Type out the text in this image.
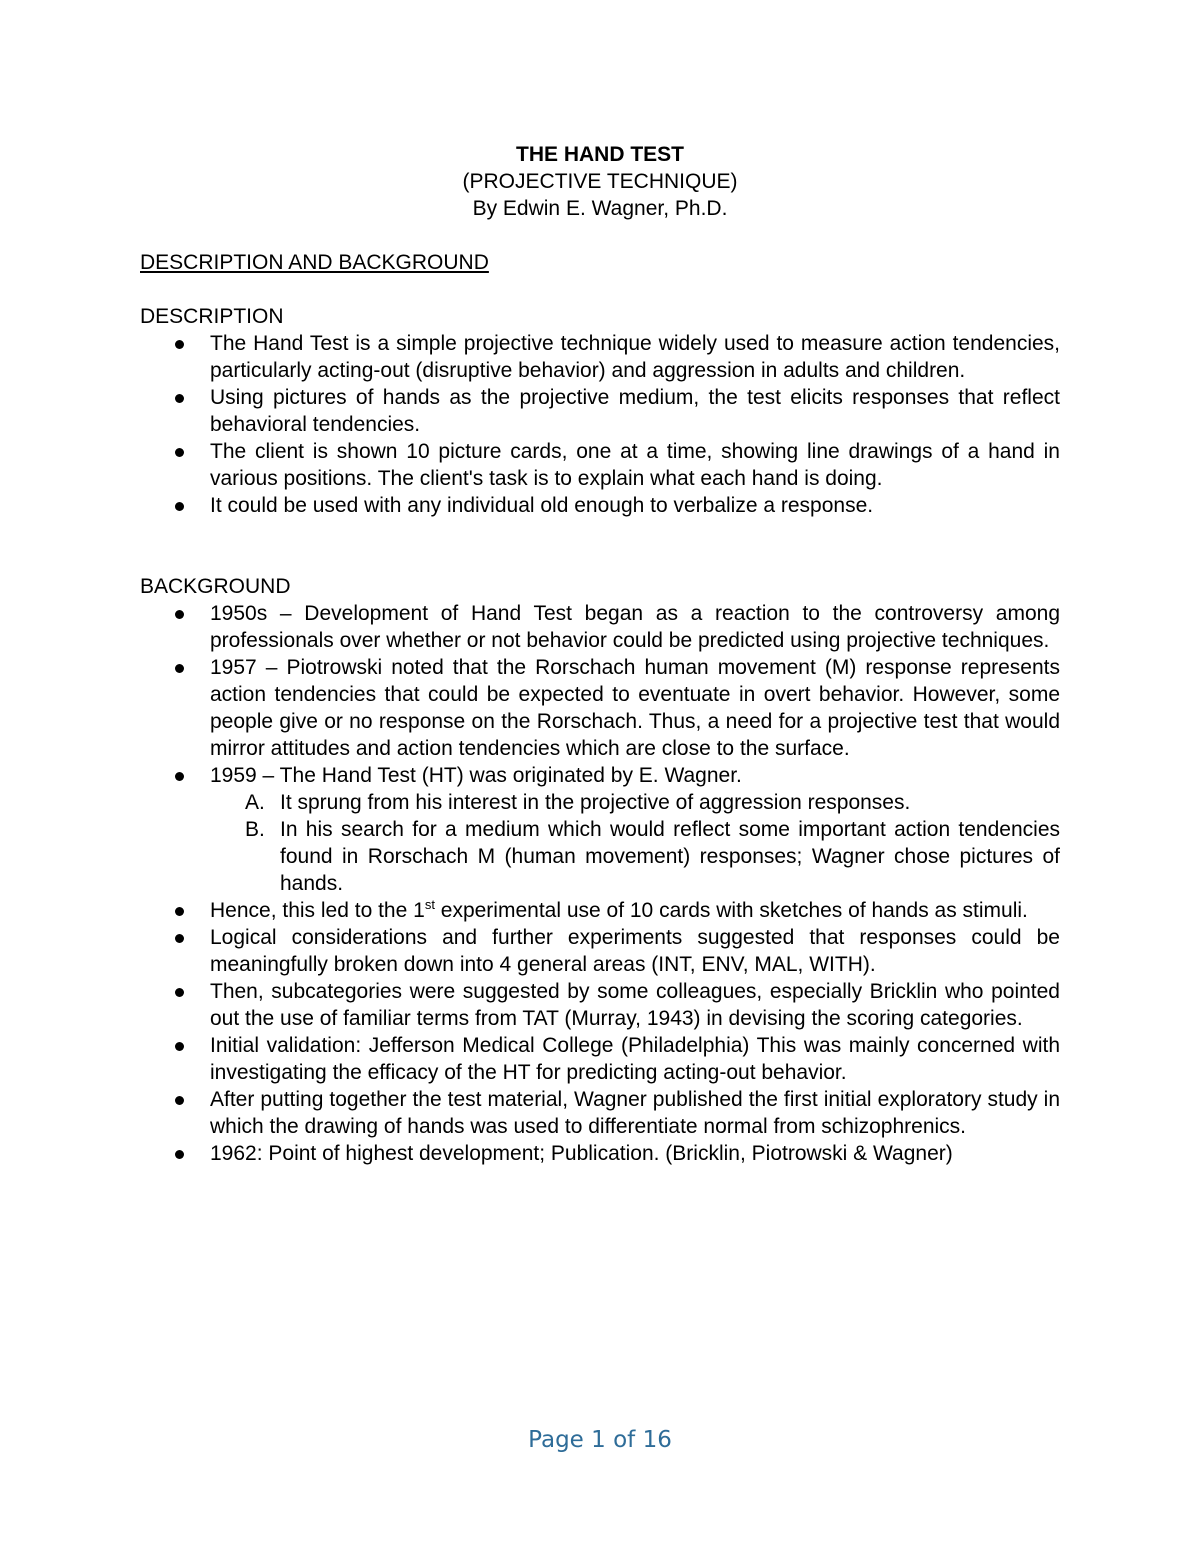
THE HAND TEST
(PROJECTIVE TECHNIQUE)
By Edwin E. Wagner, Ph.D.
DESCRIPTION AND BACKGROUND
DESCRIPTION
The Hand Test is a simple projective technique widely used to measure action tendencies, particularly acting-out (disruptive behavior) and aggression in adults and children.
Using pictures of hands as the projective medium, the test elicits responses that reflect behavioral tendencies.
The client is shown 10 picture cards, one at a time, showing line drawings of a hand in various positions. The client's task is to explain what each hand is doing.
It could be used with any individual old enough to verbalize a response.
BACKGROUND
1950s – Development of Hand Test began as a reaction to the controversy among professionals over whether or not behavior could be predicted using projective techniques.
1957 – Piotrowski noted that the Rorschach human movement (M) response represents action tendencies that could be expected to eventuate in overt behavior. However, some people give or no response on the Rorschach. Thus, a need for a projective test that would mirror attitudes and action tendencies which are close to the surface.
1959 – The Hand Test (HT) was originated by E. Wagner.
A. It sprung from his interest in the projective of aggression responses.
B. In his search for a medium which would reflect some important action tendencies found in Rorschach M (human movement) responses; Wagner chose pictures of hands.
Hence, this led to the 1st experimental use of 10 cards with sketches of hands as stimuli.
Logical considerations and further experiments suggested that responses could be meaningfully broken down into 4 general areas (INT, ENV, MAL, WITH).
Then, subcategories were suggested by some colleagues, especially Bricklin who pointed out the use of familiar terms from TAT (Murray, 1943) in devising the scoring categories.
Initial validation: Jefferson Medical College (Philadelphia) This was mainly concerned with investigating the efficacy of the HT for predicting acting-out behavior.
After putting together the test material, Wagner published the first initial exploratory study in which the drawing of hands was used to differentiate normal from schizophrenics.
1962: Point of highest development; Publication. (Bricklin, Piotrowski & Wagner)
Page 1 of 16
